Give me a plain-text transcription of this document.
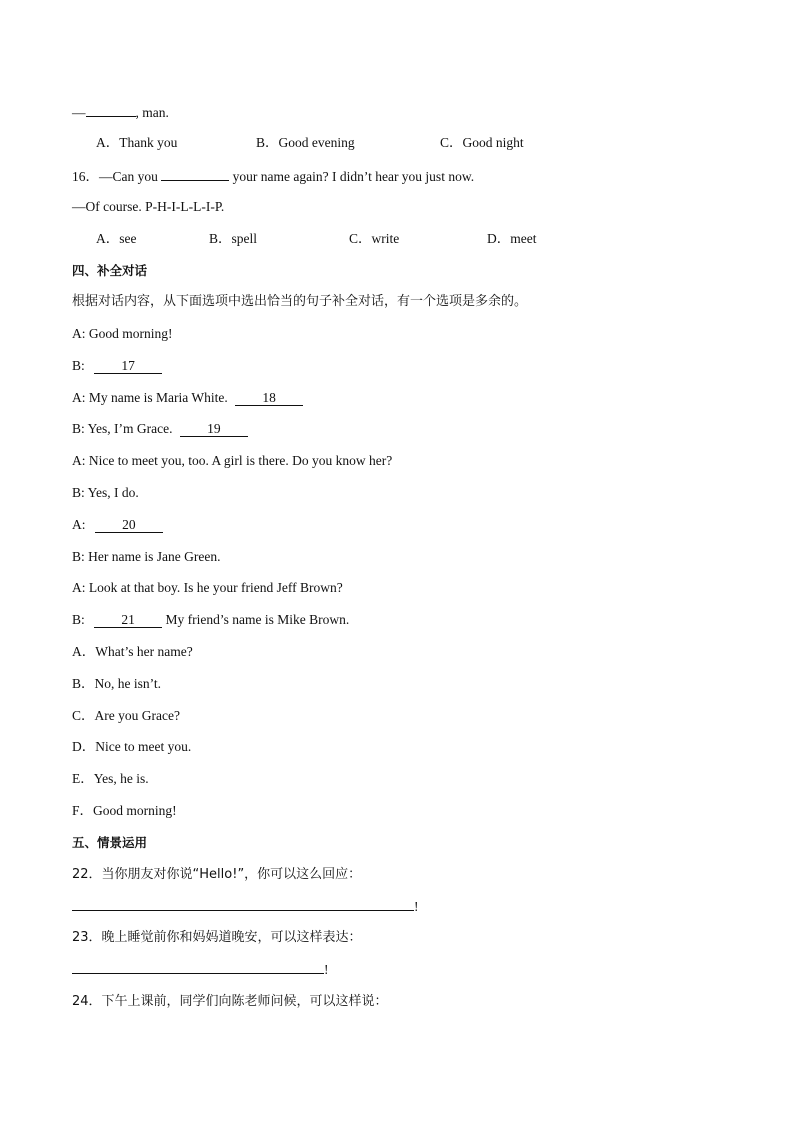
—	, man.
A．Thank you	B．Good evening	C．Good night
16．—Can you	your name again? I didn’t hear you just now.
—Of course. P-H-I-L-L-I-P.
A．see	B．spell	C．write	D．meet
四、补全对话
根据对话内容，从下面选项中选出恰当的句子补全对话，有一个选项是多余的。
A: Good morning!
B:	17
A: My name is Maria White.	18
B: Yes, I’m Grace.	19
A: Nice to meet you, too. A girl is there. Do you know her?
B: Yes, I do.
A:	20
B: Her name is Jane Green.
A: Look at that boy. Is he your friend Jeff Brown?
B:	21 My friend’s name is Mike Brown.
A．What’s her name?
B．No, he isn’t.
C．Are you Grace?
D．Nice to meet you.
E．Yes, he is.
F．Good morning!
五、情景运用
22．当你朋友对你说“Hello!”，你可以这么回应：
!
23．晚上睡觉前你和妈妈道晚安，可以这样表达：
!
24．下午上课前，同学们向陈老师问候，可以这样说：
